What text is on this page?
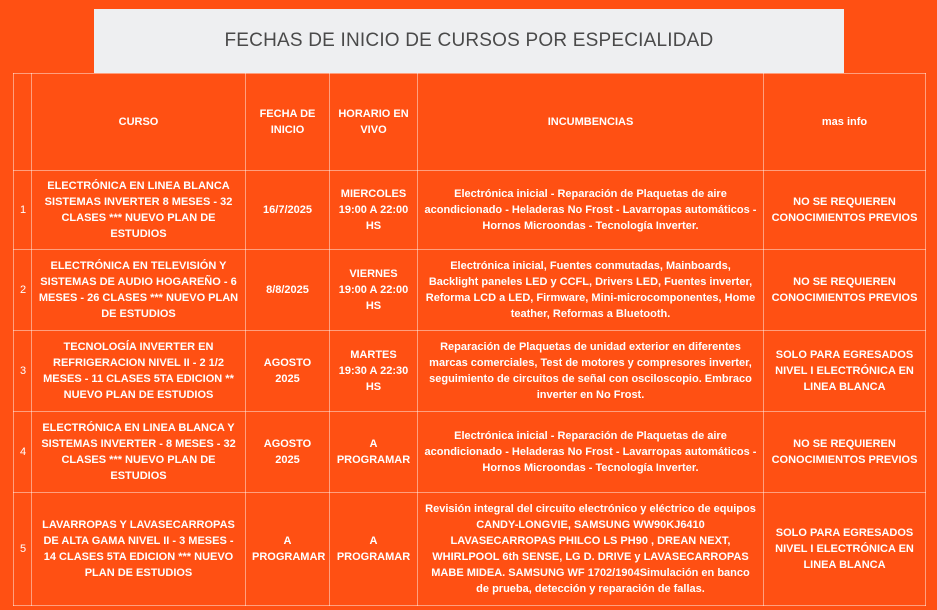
FECHAS DE INICIO DE CURSOS POR ESPECIALIDAD
	CURSO	FECHA DE INICIO	HORARIO EN VIVO	INCUMBENCIAS	mas info
1	ELECTRÓNICA EN LINEA BLANCA SISTEMAS INVERTER 8 MESES - 32 CLASES *** NUEVO PLAN DE ESTUDIOS	16/7/2025	MIERCOLES 19:00 A 22:00 HS	Electrónica inicial - Reparación de Plaquetas de aire acondicionado - Heladeras No Frost - Lavarropas automáticos - Hornos Microondas - Tecnología Inverter.	NO SE REQUIEREN CONOCIMIENTOS PREVIOS
2	ELECTRÓNICA EN TELEVISIÓN Y SISTEMAS DE AUDIO HOGAREÑO - 6 MESES - 26 CLASES *** NUEVO PLAN DE ESTUDIOS	8/8/2025	VIERNES 19:00 A 22:00 HS	Electrónica inicial, Fuentes conmutadas, Mainboards, Backlight paneles LED y CCFL, Drivers LED, Fuentes inverter, Reforma LCD a LED, Firmware, Mini-microcomponentes, Home teather, Reformas a Bluetooth.	NO SE REQUIEREN CONOCIMIENTOS PREVIOS
3	TECNOLOGÍA INVERTER EN REFRIGERACION NIVEL II - 2 1/2 MESES - 11 CLASES 5TA EDICION ** NUEVO PLAN DE ESTUDIOS	AGOSTO 2025	MARTES 19:30 A 22:30 HS	Reparación de Plaquetas de unidad exterior en diferentes marcas comerciales, Test de motores y compresores inverter, seguimiento de circuitos de señal con osciloscopio. Embraco inverter en No Frost.	SOLO PARA EGRESADOS NIVEL I ELECTRÓNICA EN LINEA BLANCA
4	ELECTRÓNICA EN LINEA BLANCA Y SISTEMAS INVERTER - 8 MESES - 32 CLASES *** NUEVO PLAN DE ESTUDIOS	AGOSTO 2025	A PROGRAMAR	Electrónica inicial - Reparación de Plaquetas de aire acondicionado - Heladeras No Frost - Lavarropas automáticos - Hornos Microondas - Tecnología Inverter.	NO SE REQUIEREN CONOCIMIENTOS PREVIOS
5	LAVARROPAS Y LAVASECARROPAS DE ALTA GAMA NIVEL II - 3 MESES - 14 CLASES 5TA EDICION *** NUEVO PLAN DE ESTUDIOS	A PROGRAMAR	A PROGRAMAR	Revisión integral del circuito electrónico y eléctrico de equipos CANDY-LONGVIE, SAMSUNG WW90KJ6410 LAVASECARROPAS PHILCO LS PH90 , DREAN NEXT, WHIRLPOOL 6th SENSE, LG D. DRIVE y LAVASECARROPAS MABE MIDEA. SAMSUNG WF 1702/1904Simulación en banco de prueba, detección y reparación de fallas.	SOLO PARA EGRESADOS NIVEL I ELECTRÓNICA EN LINEA BLANCA
